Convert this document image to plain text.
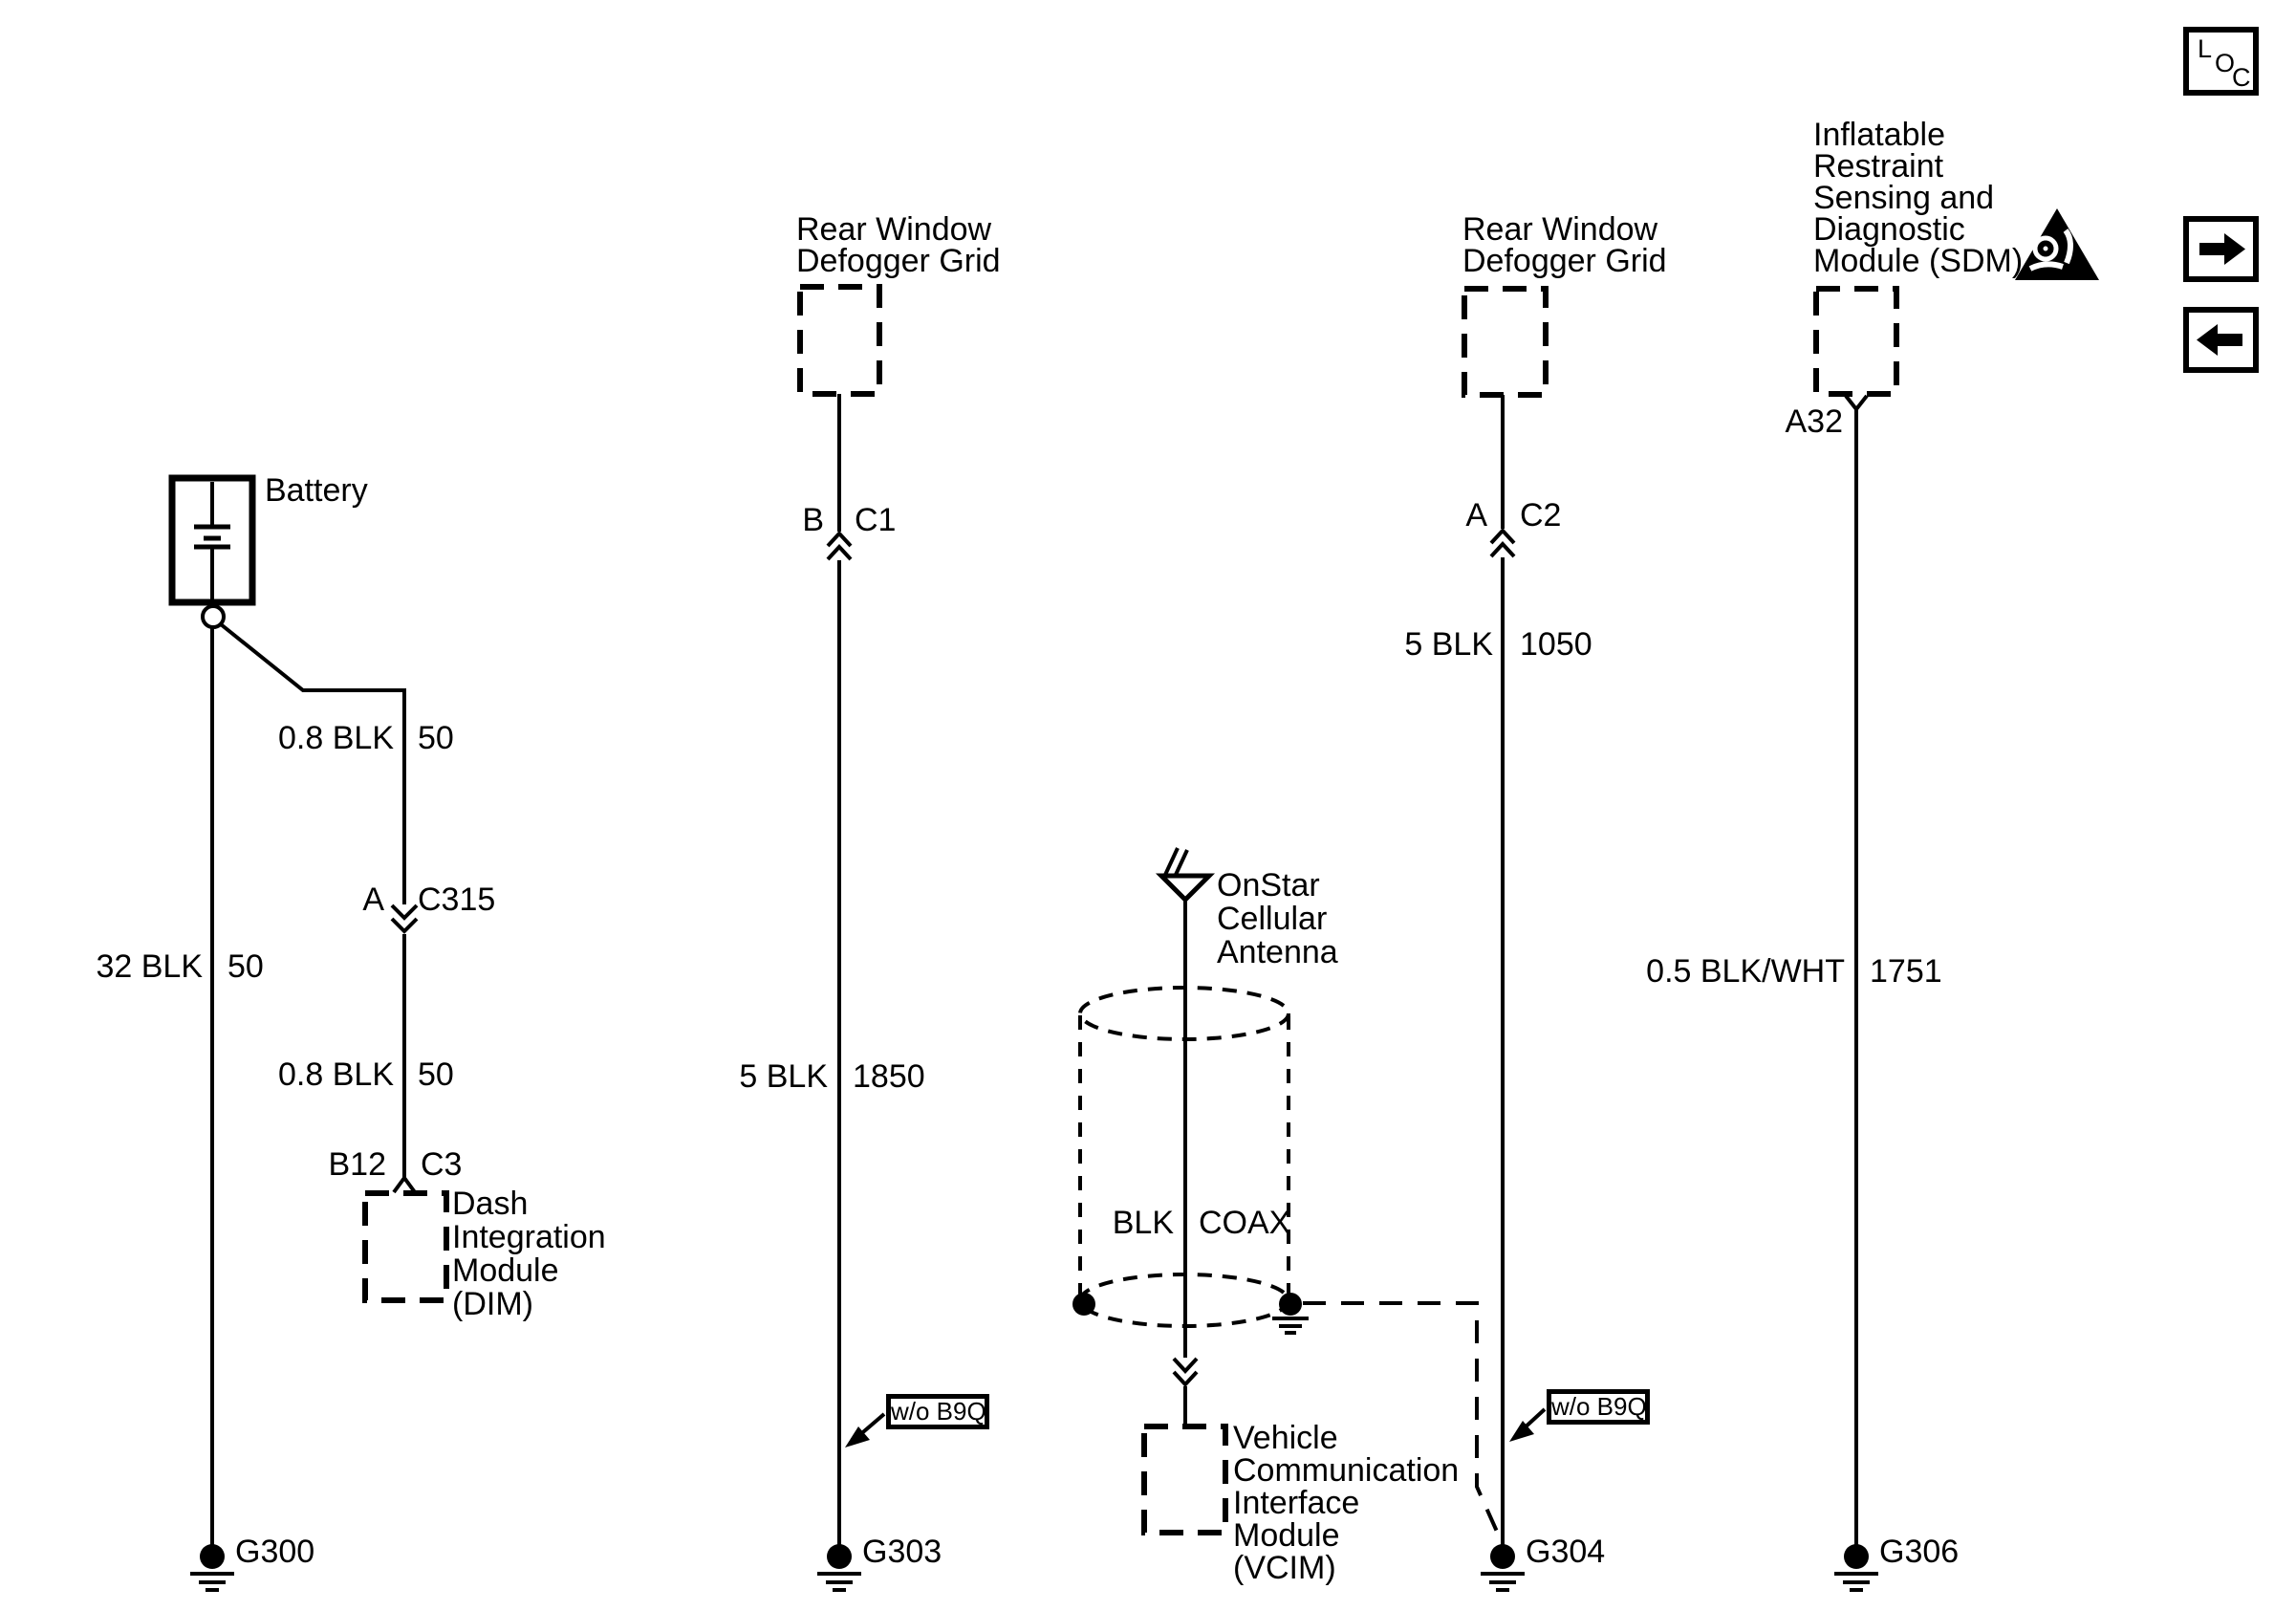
L O
C
Battery
0.8 BLK 50
A C315
32 BLK 50
0.8 BLK 50
B12 C3
Dash
Integration
Module
(DIM)
G300
Rear Window
Defogger Grid
B C1
5 BLK 1850
w/o B9Q
G303
OnStar
Cellular
Antenna
BLK COAX
Vehicle
Communication
Interface
Module
(VCIM)
Rear Window
Defogger Grid
A C2
5 BLK 1050
w/o B9Q
G304
Inflatable
Restraint
Sensing and
Diagnostic
Module (SDM)
A32
0.5 BLK/WHT 1751
G306
